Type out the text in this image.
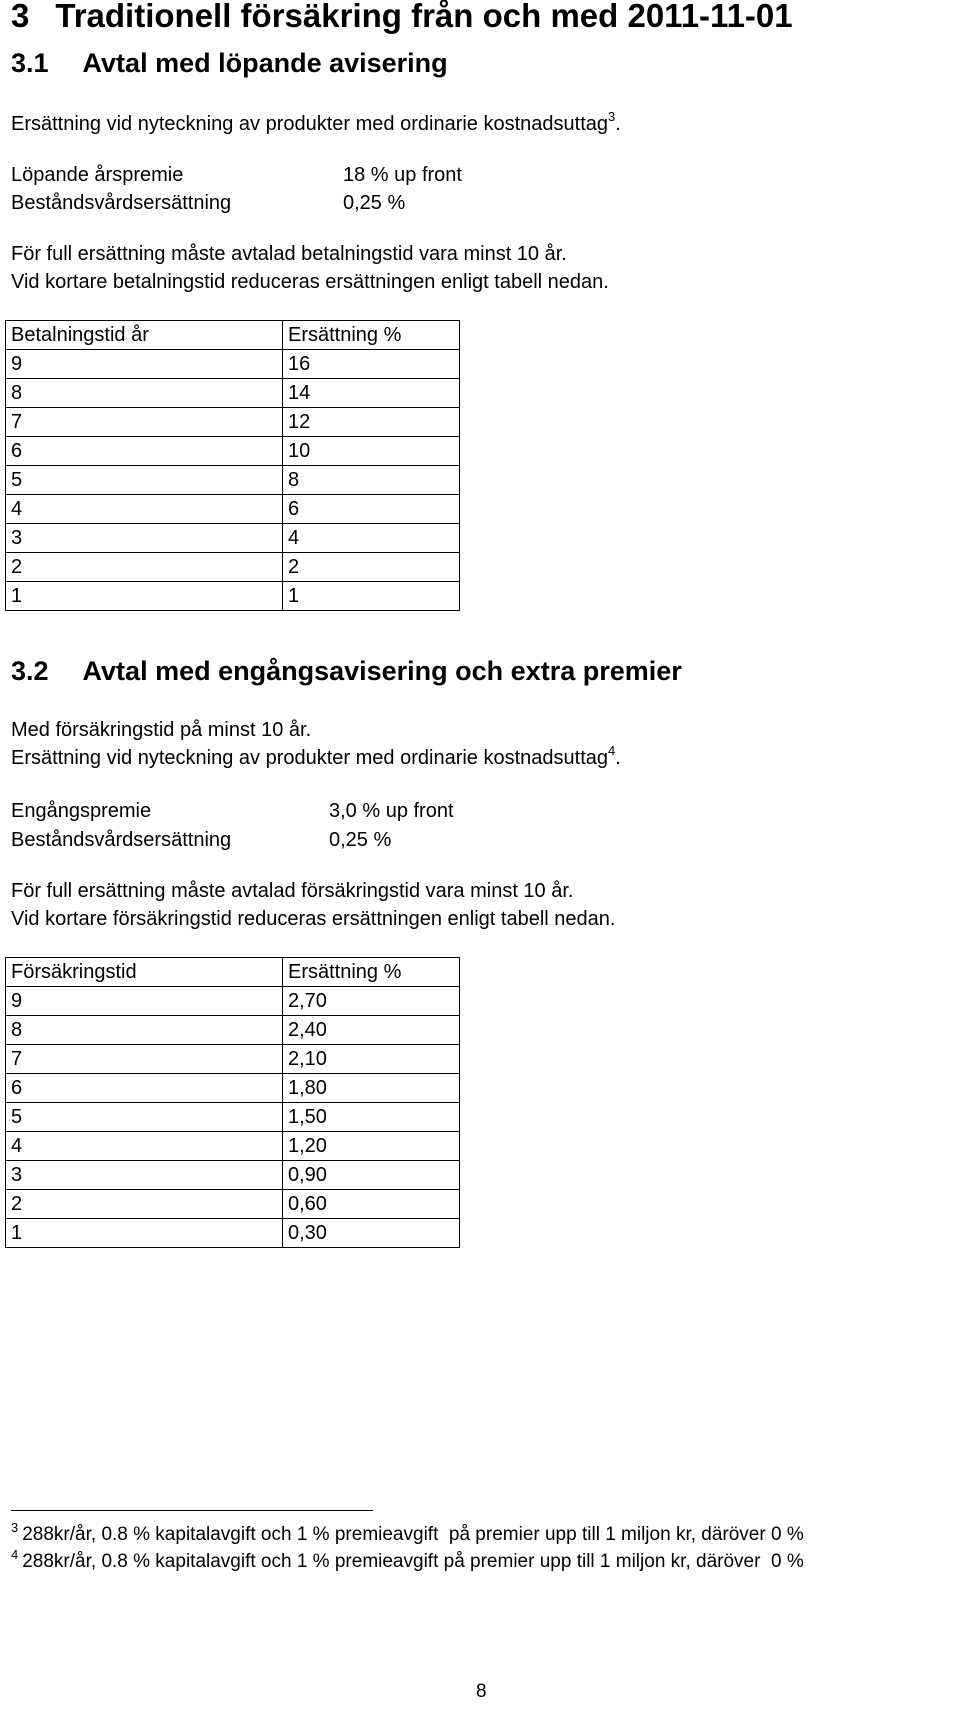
3 Traditionell försäkring från och med 2011-11-01
3.1 Avtal med löpande avisering
Ersättning vid nyteckning av produkter med ordinarie kostnadsuttag$^3$.
Löpande årspremie	18 % up front
Beståndsvårdsersättning	0,25 %
För full ersättning måste avtalad betalningstid vara minst 10 år.
Vid kortare betalningstid reduceras ersättningen enligt tabell nedan.
Betalningstid år	Ersättning %
9	16
8	14
7	12
6	10
5	8
4	6
3	4
2	2
1	1
3.2 Avtal med engångsavisering och extra premier
Med försäkringstid på minst 10 år.
Ersättning vid nyteckning av produkter med ordinarie kostnadsuttag$^4$.
Engångspremie	3,0 % up front
Beståndsvårdsersättning	0,25 %
För full ersättning måste avtalad försäkringstid vara minst 10 år.
Vid kortare försäkringstid reduceras ersättningen enligt tabell nedan.
Försäkringstid	Ersättning %
9	2,70
8	2,40
7	2,10
6	1,80
5	1,50
4	1,20
3	0,90
2	0,60
1	0,30
$^3$ 288kr/år, 0.8 % kapitalavgift och 1 % premieavgift  på premier upp till 1 miljon kr, däröver 0 %
$^4$ 288kr/år, 0.8 % kapitalavgift och 1 % premieavgift på premier upp till 1 miljon kr, däröver  0 %
8
